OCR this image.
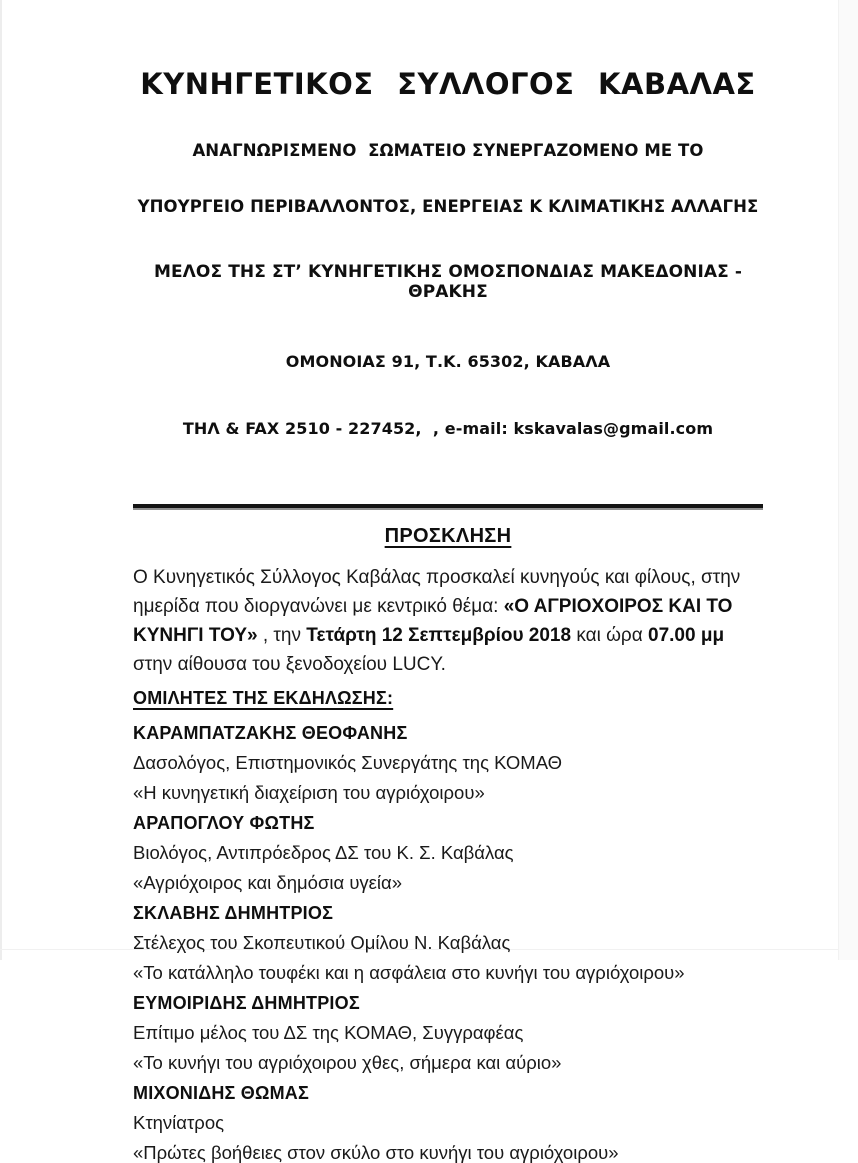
ΚΥΝΗΓΕΤΙΚΟΣ ΣΥΛΛΟΓΟΣ ΚΑΒΑΛΑΣ

ΑΝΑΓΝΩΡΙΣΜΕΝΟ  ΣΩΜΑΤΕΙΟ ΣΥΝΕΡΓΑΖΟΜΕΝΟ ΜΕ ΤΟ

ΥΠΟΥΡΓΕΙΟ ΠΕΡΙΒΑΛΛΟΝΤΟΣ, ΕΝΕΡΓΕΙΑΣ Κ ΚΛΙΜΑΤΙΚΗΣ ΑΛΛΑΓΗΣ

ΜΕΛΟΣ ΤΗΣ ΣΤ’ ΚΥΝΗΓΕΤΙΚΗΣ ΟΜΟΣΠΟΝΔΙΑΣ ΜΑΚΕΔΟΝΙΑΣ - ΘΡΑΚΗΣ

ΟΜΟΝΟΙΑΣ 91, Τ.Κ. 65302, ΚΑΒΑΛΑ

ΤΗΛ & FAX 2510 - 227452,  , e-mail: kskavalas@gmail.com

ΠΡΟΣΚΛΗΣΗ

Ο Κυνηγετικός Σύλλογος Καβάλας προσκαλεί κυνηγούς και φίλους, στην ημερίδα που διοργανώνει με κεντρικό θέμα: «Ο ΑΓΡΙΟΧΟΙΡΟΣ ΚΑΙ ΤΟ ΚΥΝΗΓΙ ΤΟΥ» , την Τετάρτη 12 Σεπτεμβρίου 2018 και ώρα 07.00 μμ στην αίθουσα του ξενοδοχείου LUCY.

ΟΜΙΛΗΤΕΣ ΤΗΣ ΕΚΔΗΛΩΣΗΣ:

ΚΑΡΑΜΠΑΤΖΑΚΗΣ ΘΕΟΦΑΝΗΣ

Δασολόγος, Επιστημονικός Συνεργάτης της ΚΟΜΑΘ

«Η κυνηγετική διαχείριση του αγριόχοιρου»

ΑΡΑΠΟΓΛΟΥ ΦΩΤΗΣ

Βιολόγος, Αντιπρόεδρος ΔΣ του Κ. Σ. Καβάλας

«Αγριόχοιρος και δημόσια υγεία»

ΣΚΛΑΒΗΣ ΔΗΜΗΤΡΙΟΣ

Στέλεχος του Σκοπευτικού Ομίλου Ν. Καβάλας

«Το κατάλληλο τουφέκι και η ασφάλεια στο κυνήγι του αγριόχοιρου»

ΕΥΜΟΙΡΙΔΗΣ ΔΗΜΗΤΡΙΟΣ

Επίτιμο μέλος του ΔΣ της ΚΟΜΑΘ, Συγγραφέας

«Το κυνήγι του αγριόχοιρου χθες, σήμερα και αύριο»

ΜΙΧΟΝΙΔΗΣ ΘΩΜΑΣ

Κτηνίατρος

«Πρώτες βοήθειες στον σκύλο στο κυνήγι του αγριόχοιρου»
